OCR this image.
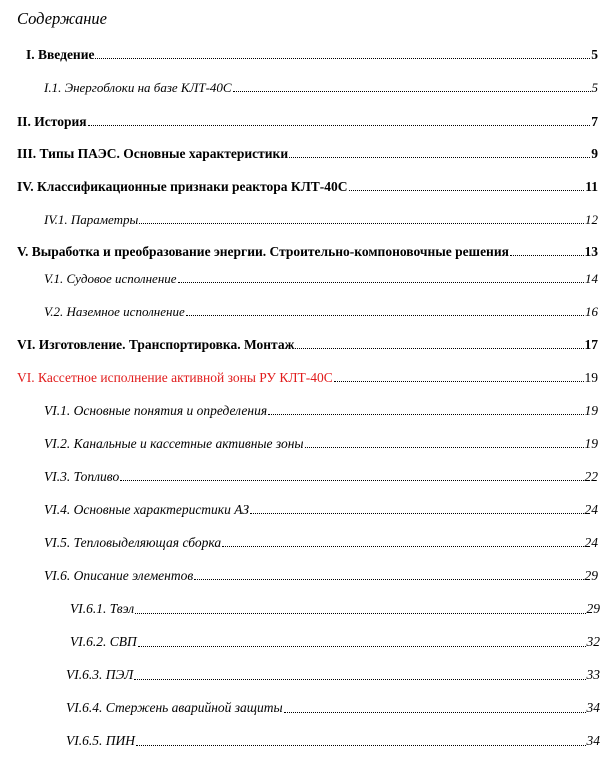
Содержание
I. Введение	5
I.1. Энергоблоки на базе КЛТ-40С	5
II. История	7
III. Типы ПАЭС. Основные характеристики	9
IV. Классификационные признаки реактора КЛТ-40С	11
IV.1. Параметры	12
V. Выработка и преобразование энергии. Строительно-компоновочные решения	13
V.1. Судовое исполнение	14
V.2. Наземное исполнение	16
VI. Изготовление. Транспортировка. Монтаж	17
VI. Кассетное исполнение активной зоны РУ КЛТ-40С	19
VI.1. Основные понятия и определения	19
VI.2. Канальные и кассетные активные зоны	19
VI.3. Топливо	22
VI.4. Основные характеристики АЗ	24
VI.5. Тепловыделяющая сборка	24
VI.6. Описание элементов	29
VI.6.1. Твэл	29
VI.6.2. СВП	32
VI.6.3. ПЭЛ	33
VI.6.4. Стержень аварийной защиты	34
VI.6.5. ПИН	34
